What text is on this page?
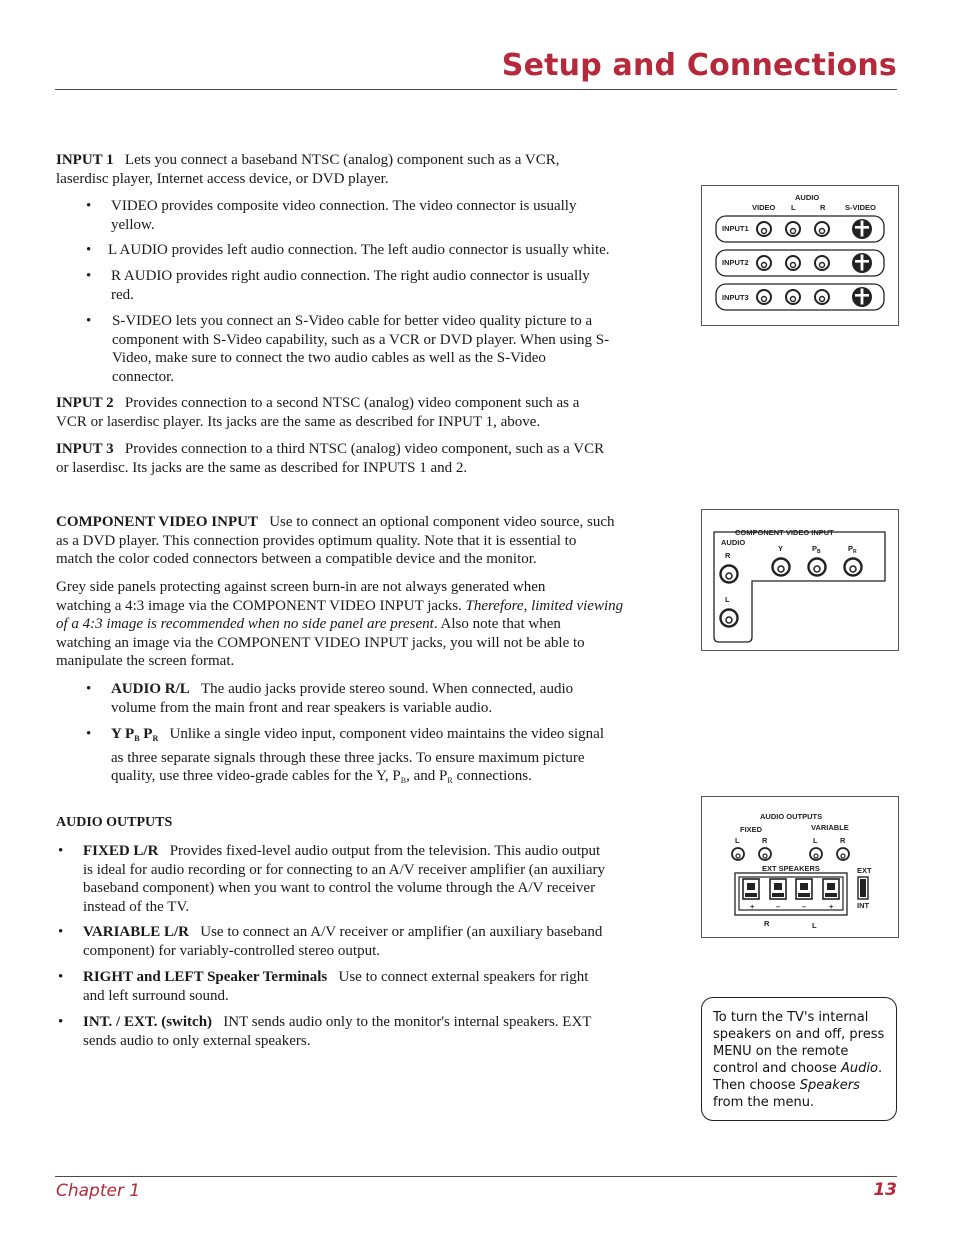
Setup and Connections
Chapter 1	13

INPUT 1 Lets you connect a baseband NTSC (analog) component such as a VCR,

laserdisc player, Internet access device, or DVD player.

• VIDEO provides composite video connection. The video connector is usually

yellow.

• L AUDIO provides left audio connection. The left audio connector is usually white.

• R AUDIO provides right audio connection. The right audio connector is usually

red.

• S-VIDEO lets you connect an S-Video cable for better video quality picture to a

component with S-Video capability, such as a VCR or DVD player. When using S-

Video, make sure to connect the two audio cables as well as the S-Video

connector.

INPUT 2 Provides connection to a second NTSC (analog) video component such as a

VCR or laserdisc player. Its jacks are the same as described for INPUT 1, above.

INPUT 3 Provides connection to a third NTSC (analog) video component, such as a VCR

or laserdisc. Its jacks are the same as described for INPUTS 1 and 2.

COMPONENT VIDEO INPUT Use to connect an optional component video source, such

as a DVD player. This connection provides optimum quality. Note that it is essential to

match the color coded connectors between a compatible device and the monitor.

Grey side panels protecting against screen burn-in are not always generated when

watching a 4:3 image via the COMPONENT VIDEO INPUT jacks. Therefore, limited viewing

of a 4:3 image is recommended when no side panel are present. Also note that when

watching an image via the COMPONENT VIDEO INPUT jacks, you will not be able to

manipulate the screen format.

• AUDIO R/L The audio jacks provide stereo sound. When connected, audio

volume from the main front and rear speakers is variable audio.

• Y $P_B$ $P_R$ Unlike a single video input, component video maintains the video signal

as three separate signals through these three jacks. To ensure maximum picture

quality, use three video-grade cables for the Y, $P_B$, and $P_R$ connections.

AUDIO OUTPUTS
• FIXED L/R Provides fixed-level audio output from the television. This audio output

is ideal for audio recording or for connecting to an A/V receiver amplifier (an auxiliary

baseband component) when you want to control the volume through the A/V receiver

instead of the TV.

• VARIABLE L/R Use to connect an A/V receiver or amplifier (an auxiliary baseband

component) for variably-controlled stereo output.

• RIGHT and LEFT Speaker Terminals Use to connect external speakers for right

and left surround sound.

• INT. / EXT. (switch) INT sends audio only to the monitor's internal speakers. EXT

sends audio to only external speakers.

AUDIO
VIDEO L	R	S-VIDEO
INPUT1
INPUT2
INPUT3
COMPONENT VIDEO INPUT
AUDIO
R
L
Y	$P_B$	$P_R$
AUDIO OUTPUTS
FIXED	VARIABLE
L	R	L	R
EXT SPEAKERS
+	–	–	+
R	L
EXT
INT
To turn the TV's internal
speakers on and off, press
MENU on the remote
control and choose Audio.
Then choose Speakers
from the menu.
